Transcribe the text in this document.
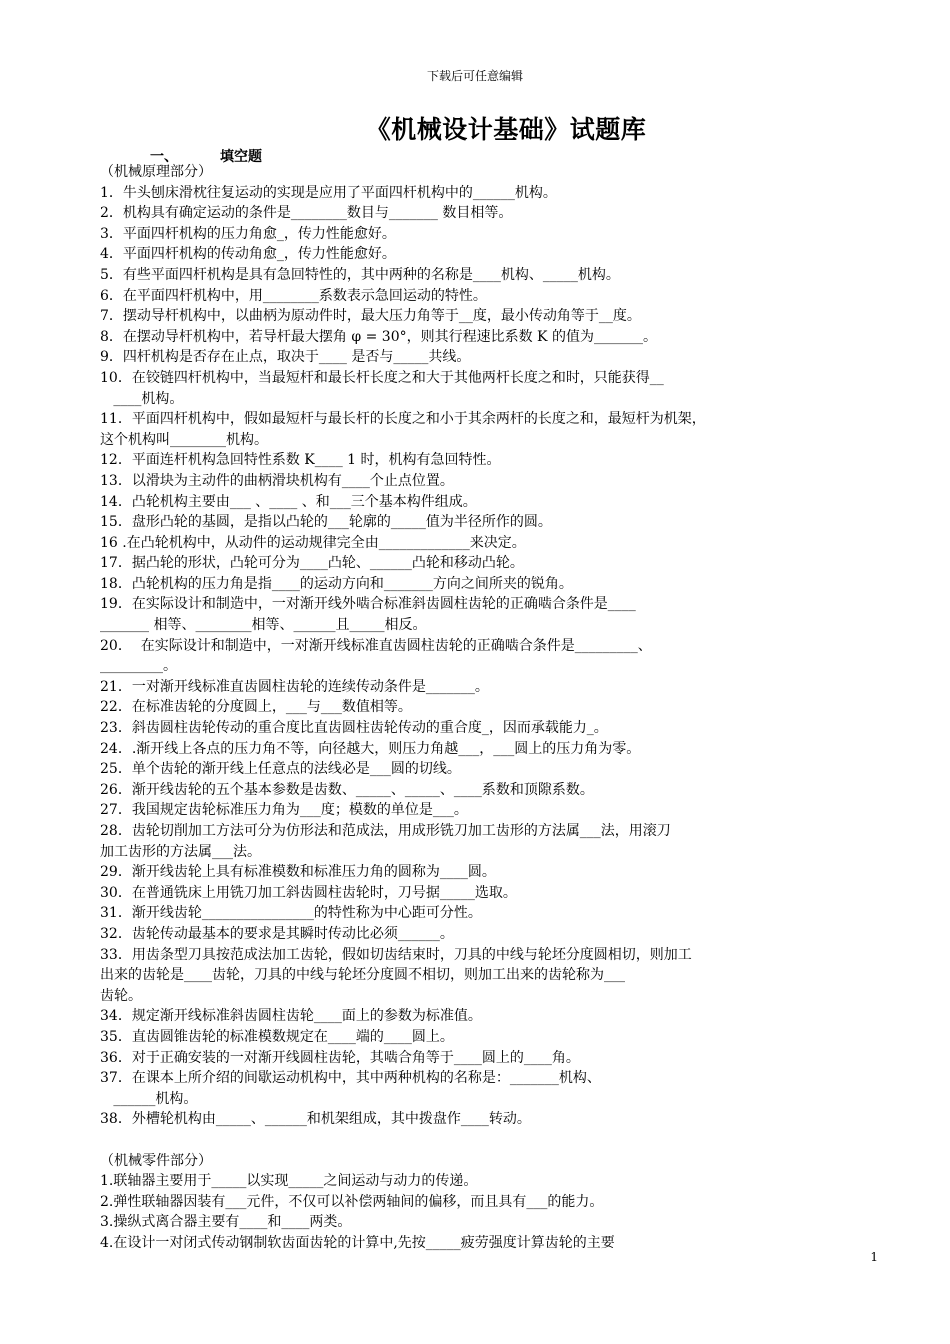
下载后可任意编辑
《机械设计基础》试题库
一、	填空题
（机械原理部分）
1．牛头刨床滑枕往复运动的实现是应用了平面四杆机构中的______机构。
2．机构具有确定运动的条件是________数目与_______ 数目相等。
3．平面四杆机构的压力角愈_，传力性能愈好。
4．平面四杆机构的传动角愈_，传力性能愈好。
5．有些平面四杆机构是具有急回特性的，其中两种的名称是____机构、_____机构。
6．在平面四杆机构中，用________系数表示急回运动的特性。
7．摆动导杆机构中，以曲柄为原动件时，最大压力角等于__度，最小传动角等于__度。
8．在摆动导杆机构中，若导杆最大摆角 φ = 30°，则其行程速比系数 K 的值为_______。
9．四杆机构是否存在止点，取决于____ 是否与_____共线。
10．在铰链四杆机构中，当最短杆和最长杆长度之和大于其他两杆长度之和时，只能获得__
____机构。
11．平面四杆机构中，假如最短杆与最长杆的长度之和小于其余两杆的长度之和，最短杆为机架，
这个机构叫________机构。
12．平面连杆机构急回特性系数 K____ 1 时，机构有急回特性。
13．以滑块为主动件的曲柄滑块机构有____个止点位置。
14．凸轮机构主要由___ 、____ 、和___三个基本构件组成。
15．盘形凸轮的基圆，是指以凸轮的___轮廓的_____值为半径所作的圆。
16 .在凸轮机构中，从动件的运动规律完全由_____________来决定。
17．据凸轮的形状，凸轮可分为____凸轮、______凸轮和移动凸轮。
18．凸轮机构的压力角是指____的运动方向和_______方向之间所夹的锐角。
19．在实际设计和制造中，一对渐开线外啮合标准斜齿圆柱齿轮的正确啮合条件是____
_______ 相等、________相等、______且_____相反。
20．  在实际设计和制造中，一对渐开线标准直齿圆柱齿轮的正确啮合条件是_________、
_________。
21．一对渐开线标准直齿圆柱齿轮的连续传动条件是_______。
22．在标准齿轮的分度圆上，___与___数值相等。
23．斜齿圆柱齿轮传动的重合度比直齿圆柱齿轮传动的重合度_，因而承载能力_。
24．.渐开线上各点的压力角不等，向径越大，则压力角越___，___圆上的压力角为零。
25．单个齿轮的渐开线上任意点的法线必是___圆的切线。
26．渐开线齿轮的五个基本参数是齿数、_____、_____、____系数和顶隙系数。
27．我国规定齿轮标准压力角为___度；模数的单位是___。
28．齿轮切削加工方法可分为仿形法和范成法，用成形铣刀加工齿形的方法属___法，用滚刀
加工齿形的方法属___法。
29．渐开线齿轮上具有标准模数和标准压力角的圆称为____圆。
30．在普通铣床上用铣刀加工斜齿圆柱齿轮时，刀号据_____选取。
31．渐开线齿轮________________的特性称为中心距可分性。
32．齿轮传动最基本的要求是其瞬时传动比必须______。
33．用齿条型刀具按范成法加工齿轮，假如切齿结束时，刀具的中线与轮坯分度圆相切，则加工
出来的齿轮是____齿轮，刀具的中线与轮坯分度圆不相切，则加工出来的齿轮称为___
齿轮。
34．规定渐开线标准斜齿圆柱齿轮____面上的参数为标准值。
35．直齿圆锥齿轮的标准模数规定在____端的____圆上。
36．对于正确安装的一对渐开线圆柱齿轮，其啮合角等于____圆上的____角。
37．在课本上所介绍的间歇运动机构中，其中两种机构的名称是：_______机构、
______机构。
38．外槽轮机构由_____、______和机架组成，其中拨盘作____转动。
（机械零件部分）
1.联轴器主要用于_____以实现_____之间运动与动力的传递。
2.弹性联轴器因装有___元件，不仅可以补偿两轴间的偏移，而且具有___的能力。
3.操纵式离合器主要有____和____两类。
4.在设计一对闭式传动钢制软齿面齿轮的计算中,先按_____疲劳强度计算齿轮的主要
1
